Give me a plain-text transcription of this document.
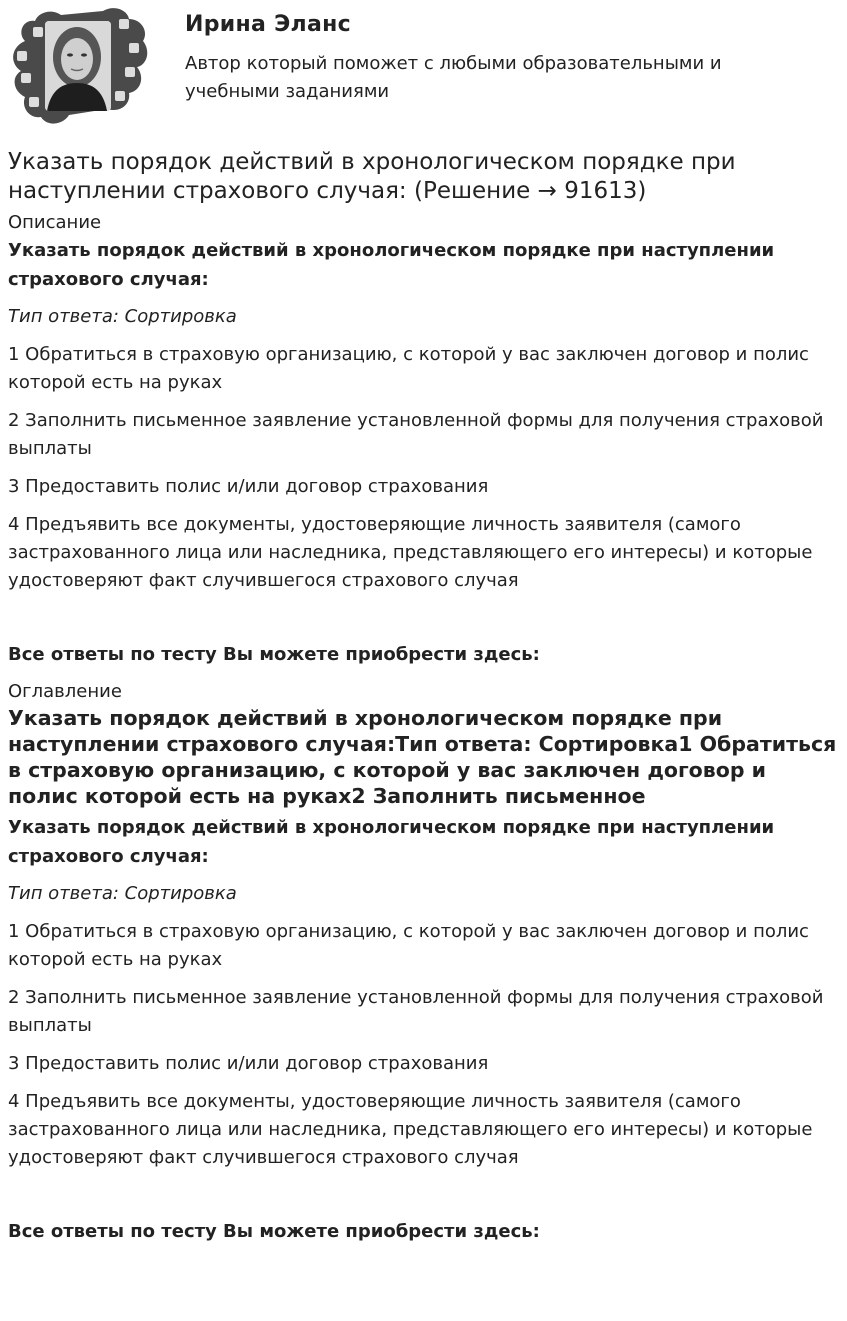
Ирина Эланс

Автор который поможет с любыми образовательными и учебными заданиями

Указать порядок действий в хронологическом порядке при наступлении страхового случая: (Решение → 91613)
Описание

Указать порядок действий в хронологическом порядке при наступлении страхового случая:

Тип ответа: Сортировка

1 Обратиться в страховую организацию, с которой у вас заключен договор и полис которой есть на руках

2 Заполнить письменное заявление установленной формы для получения страховой выплаты

3 Предоставить полис и/или договор страхования

4 Предъявить все документы, удостоверяющие личность заявителя (самого застрахованного лица или наследника, представляющего его интересы) и которые удостоверяют факт случившегося страхового случая

Все ответы по тесту Вы можете приобрести здесь:

Оглавление
Указать порядок действий в хронологическом порядке при наступлении страхового случая:Тип ответа: Сортировка1 Обратиться в страховую организацию, с которой у вас заключен договор и полис которой есть на руках2 Заполнить письменное

Указать порядок действий в хронологическом порядке при наступлении страхового случая:

Тип ответа: Сортировка

1 Обратиться в страховую организацию, с которой у вас заключен договор и полис которой есть на руках

2 Заполнить письменное заявление установленной формы для получения страховой выплаты

3 Предоставить полис и/или договор страхования

4 Предъявить все документы, удостоверяющие личность заявителя (самого застрахованного лица или наследника, представляющего его интересы) и которые удостоверяют факт случившегося страхового случая

Все ответы по тесту Вы можете приобрести здесь:
